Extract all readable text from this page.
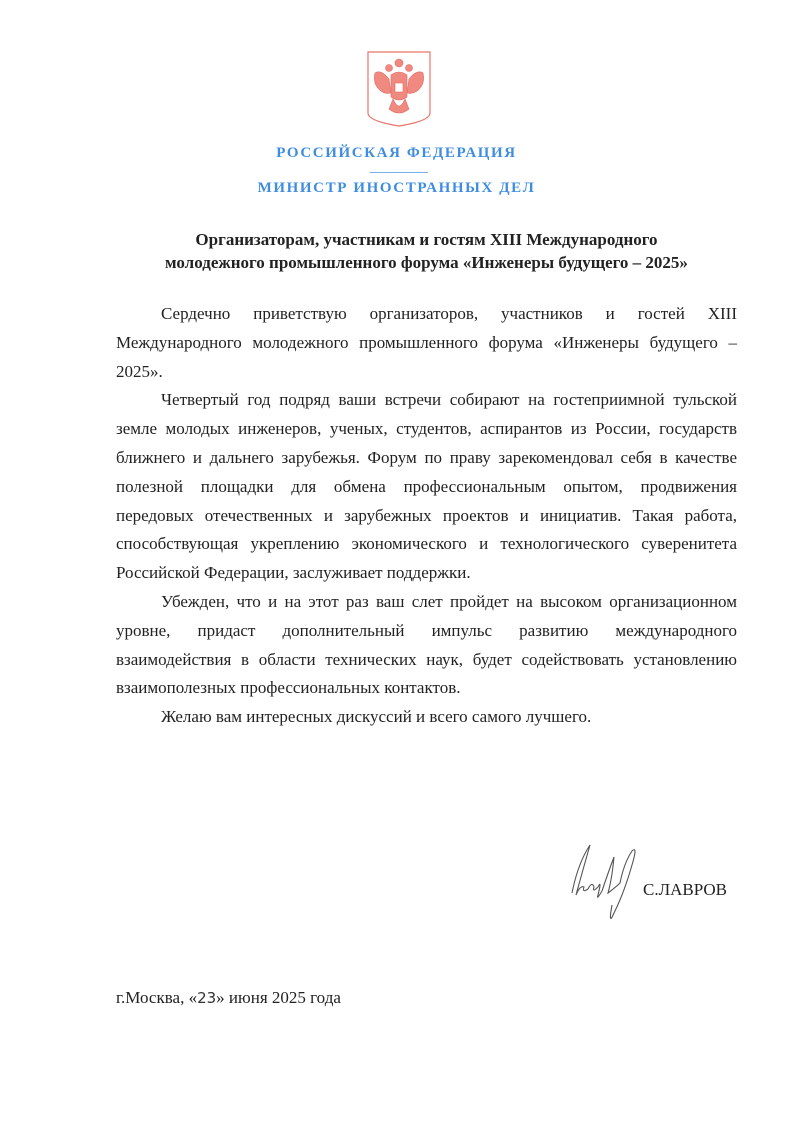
РОССИЙСКАЯ ФЕДЕРАЦИЯ
МИНИСТР ИНОСТРАННЫХ ДЕЛ
Организаторам, участникам и гостям XIII Международного
молодежного промышленного форума «Инженеры будущего – 2025»

Сердечно приветствую организаторов, участников и гостей XIII Международного молодежного промышленного форума «Инженеры будущего – 2025».

Четвертый год подряд ваши встречи собирают на гостеприимной тульской земле молодых инженеров, ученых, студентов, аспирантов из России, государств ближнего и дальнего зарубежья. Форум по праву зарекомендовал себя в качестве полезной площадки для обмена профессиональным опытом, продвижения передовых отечественных и зарубежных проектов и инициатив. Такая работа, способствующая укреплению экономического и технологического суверенитета Российской Федерации, заслуживает поддержки.

Убежден, что и на этот раз ваш слет пройдет на высоком организационном уровне, придаст дополнительный импульс развитию международного взаимодействия в области технических наук, будет содействовать установлению взаимополезных профессиональных контактов.

Желаю вам интересных дискуссий и всего самого лучшего.

С.ЛАВРОВ
г.Москва, «23» июня 2025 года
